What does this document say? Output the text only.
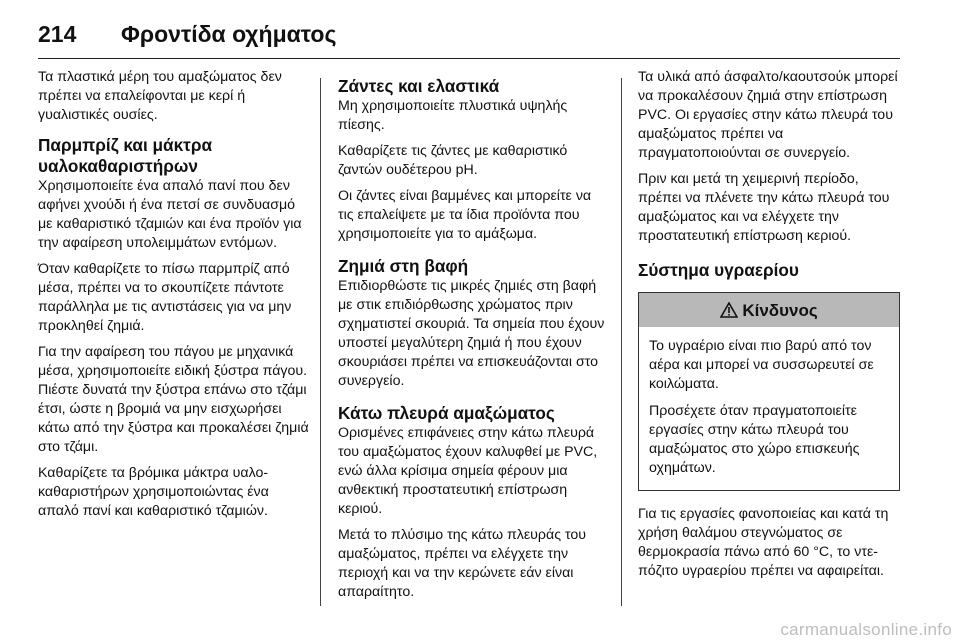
214	Φροντίδα οχήματος

Τα πλαστικά μέρη του αμαξώματος δεν πρέπει να επαλείφονται με κερί ή γυαλιστικές ουσίες.

Παρμπρίζ και μάκτρα υαλοκαθαριστήρων

Χρησιμοποιείτε ένα απαλό πανί που δεν αφήνει χνούδι ή ένα πετσί σε συνδυασμό με καθαριστικό τζαμιών και ένα προϊόν για την αφαίρεση υπολειμμάτων εντόμων.

Όταν καθαρίζετε το πίσω παρμπρίζ από μέσα, πρέπει να το σκουπίζετε πάντοτε παράλληλα με τις αντιστάσεις για να μην προκληθεί ζημιά.

Για την αφαίρεση του πάγου με μηχανικά μέσα, χρησιμοποιείτε ειδική ξύστρα πάγου. Πιέστε δυνατά την ξύστρα επάνω στο τζάμι έτσι, ώστε η βρομιά να μην εισχωρήσει κάτω από την ξύστρα και προκαλέσει ζημιά στο τζάμι.

Καθαρίζετε τα βρόμικα μάκτρα υαλοκαθαριστήρων χρησιμοποιώντας ένα απαλό πανί και καθαριστικό τζαμιών.

Ζάντες και ελαστικά

Μη χρησιμοποιείτε πλυστικά υψηλής πίεσης.

Καθαρίζετε τις ζάντες με καθαριστικό ζαντών ουδέτερου pH.

Οι ζάντες είναι βαμμένες και μπορείτε να τις επαλείψετε με τα ίδια προϊόντα που χρησιμοποιείτε για το αμάξωμα.

Ζημιά στη βαφή

Επιδιορθώστε τις μικρές ζημιές στη βαφή με στικ επιδιόρθωσης χρώματος πριν σχηματιστεί σκουριά. Τα σημεία που έχουν υποστεί μεγαλύτερη ζημιά ή που έχουν σκουριάσει πρέπει να επισκευάζονται στο συνεργείο.

Κάτω πλευρά αμαξώματος

Ορισμένες επιφάνειες στην κάτω πλευρά του αμαξώματος έχουν καλυφθεί με PVC, ενώ άλλα κρίσιμα σημεία φέρουν μια ανθεκτική προστατευτική επίστρωση κεριού.

Μετά το πλύσιμο της κάτω πλευράς του αμαξώματος, πρέπει να ελέγχετε την περιοχή και να την κερώνετε εάν είναι απαραίτητο.

Τα υλικά από άσφαλτο/καουτσούκ μπορεί να προκαλέσουν ζημιά στην επίστρωση PVC. Οι εργασίες στην κάτω πλευρά του αμαξώματος πρέπει να πραγματοποιούνται σε συνεργείο.

Πριν και μετά τη χειμερινή περίοδο, πρέπει να πλένετε την κάτω πλευρά του αμαξώματος και να ελέγχετε την προστατευτική επίστρωση κεριού.

Σύστημα υγραερίου
Κίνδυνος

Το υγραέριο είναι πιο βαρύ από τον αέρα και μπορεί να συσσωρευτεί σε κοιλώματα.

Προσέχετε όταν πραγματοποιείτε εργασίες στην κάτω πλευρά του αμαξώματος στο χώρο επισκευής οχημάτων.

Για τις εργασίες φανοποιείας και κατά τη χρήση θαλάμου στεγνώματος σε θερμοκρασία πάνω από 60 °C, το ντεπόζιτο υγραερίου πρέπει να αφαιρείται.

carmanualsonline.info
